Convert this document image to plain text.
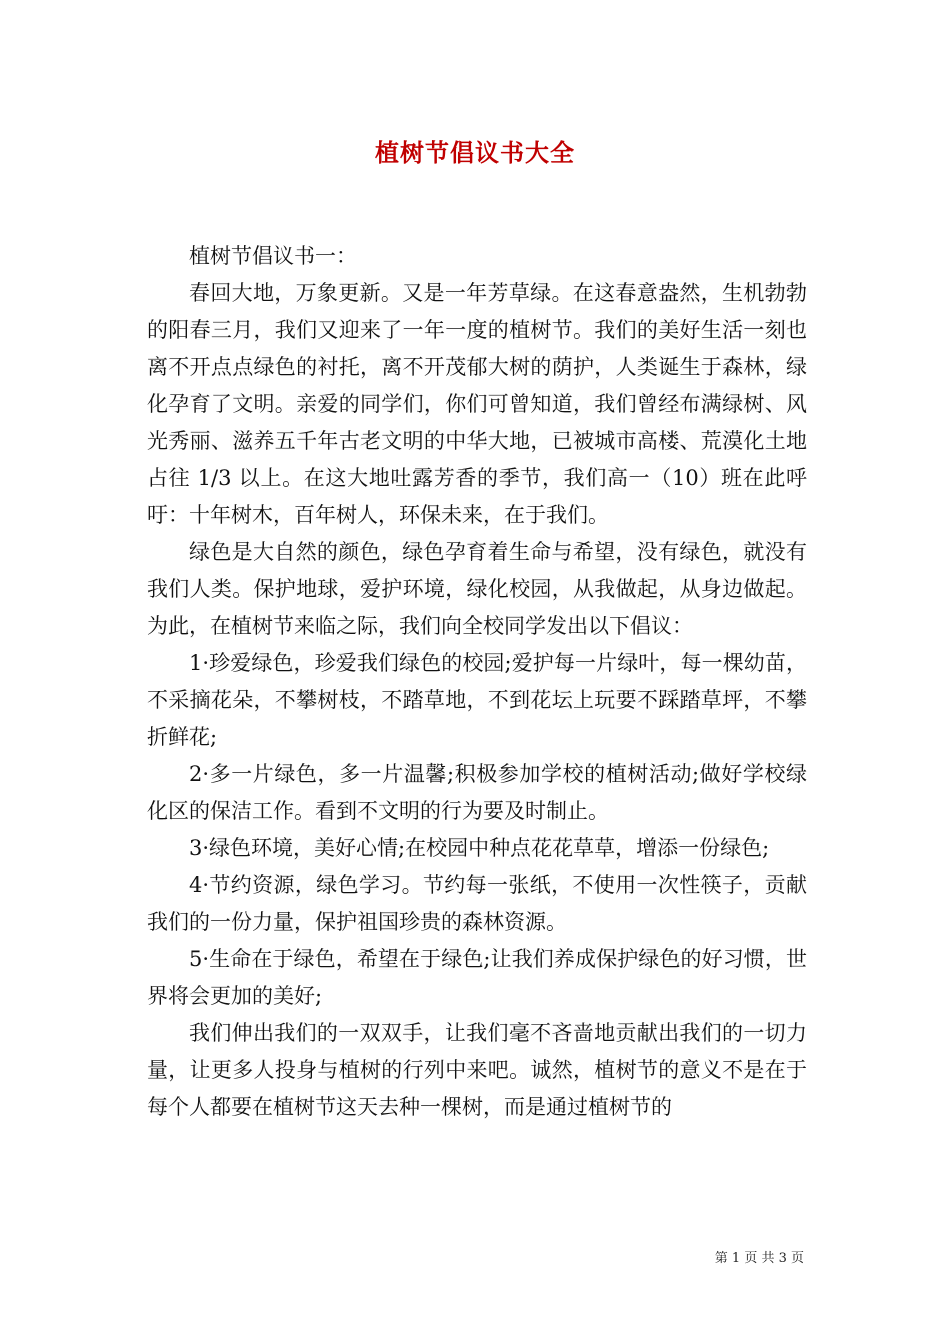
植树节倡议书大全

植树节倡议书一：

春回大地，万象更新。又是一年芳草绿。在这春意盎然，生机勃勃的阳春三月，我们又迎来了一年一度的植树节。我们的美好生活一刻也离不开点点绿色的衬托，离不开茂郁大树的荫护，人类诞生于森林，绿化孕育了文明。亲爱的同学们，你们可曾知道，我们曾经布满绿树、风光秀丽、滋养五千年古老文明的中华大地，已被城市高楼、荒漠化土地占往 1/3 以上。在这大地吐露芳香的季节，我们高一（10）班在此呼吁：十年树木，百年树人，环保未来，在于我们。

绿色是大自然的颜色，绿色孕育着生命与希望，没有绿色，就没有我们人类。保护地球，爱护环境，绿化校园，从我做起，从身边做起。为此，在植树节来临之际，我们向全校同学发出以下倡议：

1·珍爱绿色，珍爱我们绿色的校园;爱护每一片绿叶，每一棵幼苗，不采摘花朵，不攀树枝，不踏草地，不到花坛上玩要不踩踏草坪，不攀折鲜花;

2·多一片绿色，多一片温馨;积极参加学校的植树活动;做好学校绿化区的保洁工作。看到不文明的行为要及时制止。

3·绿色环境，美好心情;在校园中种点花花草草，增添一份绿色;

4·节约资源，绿色学习。节约每一张纸，不使用一次性筷子，贡献我们的一份力量，保护祖国珍贵的森林资源。

5·生命在于绿色，希望在于绿色;让我们养成保护绿色的好习惯，世界将会更加的美好;

我们伸出我们的一双双手，让我们毫不吝啬地贡献出我们的一切力量，让更多人投身与植树的行列中来吧。诚然，植树节的意义不是在于每个人都要在植树节这天去种一棵树，而是通过植树节的

第 1 页 共 3 页
